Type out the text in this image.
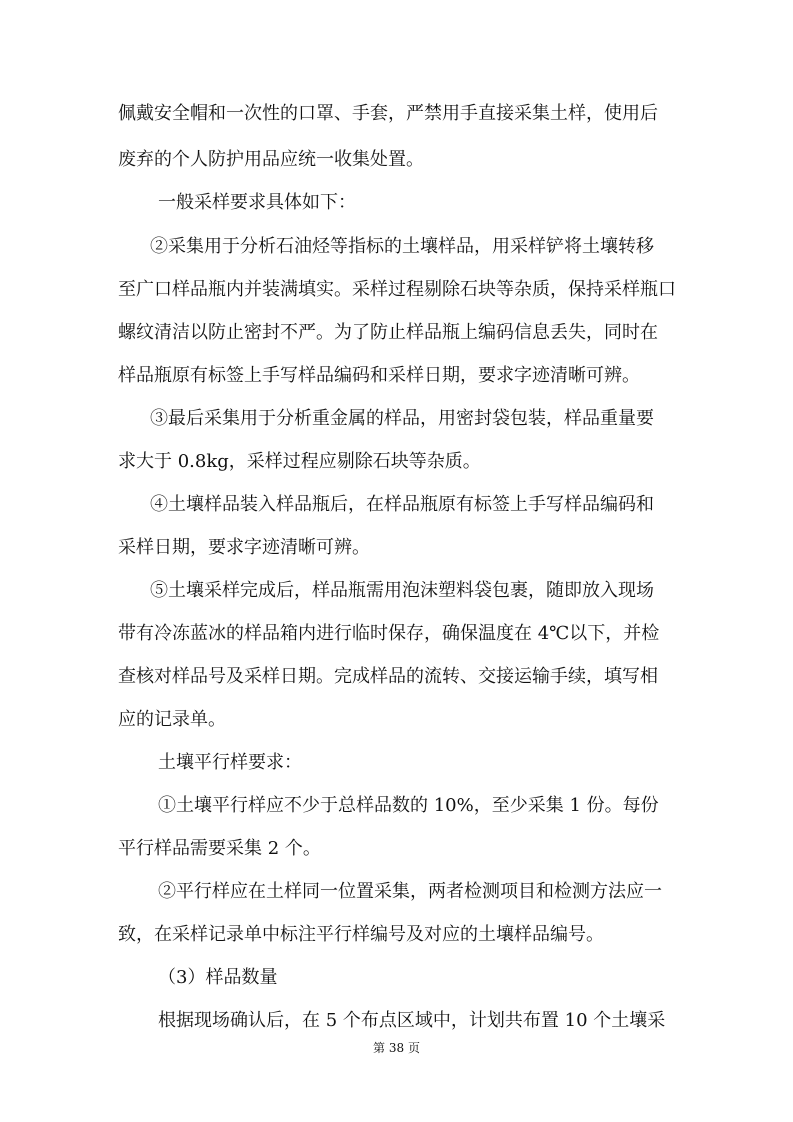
佩戴安全帽和一次性的口罩、手套，严禁用手直接采集土样，使用后
废弃的个人防护用品应统一收集处置。
一般采样要求具体如下：
②采集用于分析石油烃等指标的土壤样品，用采样铲将土壤转移
至广口样品瓶内并装满填实。采样过程剔除石块等杂质，保持采样瓶口
螺纹清洁以防止密封不严。为了防止样品瓶上编码信息丢失，同时在
样品瓶原有标签上手写样品编码和采样日期，要求字迹清晰可辨。
③最后采集用于分析重金属的样品，用密封袋包装，样品重量要
求大于 0.8kg，采样过程应剔除石块等杂质。
④土壤样品装入样品瓶后，在样品瓶原有标签上手写样品编码和
采样日期，要求字迹清晰可辨。
⑤土壤采样完成后，样品瓶需用泡沫塑料袋包裹，随即放入现场
带有冷冻蓝冰的样品箱内进行临时保存，确保温度在 4℃以下，并检
查核对样品号及采样日期。完成样品的流转、交接运输手续，填写相
应的记录单。
土壤平行样要求：
①土壤平行样应不少于总样品数的 10%，至少采集 1 份。每份
平行样品需要采集 2 个。
②平行样应在土样同一位置采集，两者检测项目和检测方法应一
致，在采样记录单中标注平行样编号及对应的土壤样品编号。
（3）样品数量
根据现场确认后，在 5 个布点区域中，计划共布置 10 个土壤采
第 38 页
